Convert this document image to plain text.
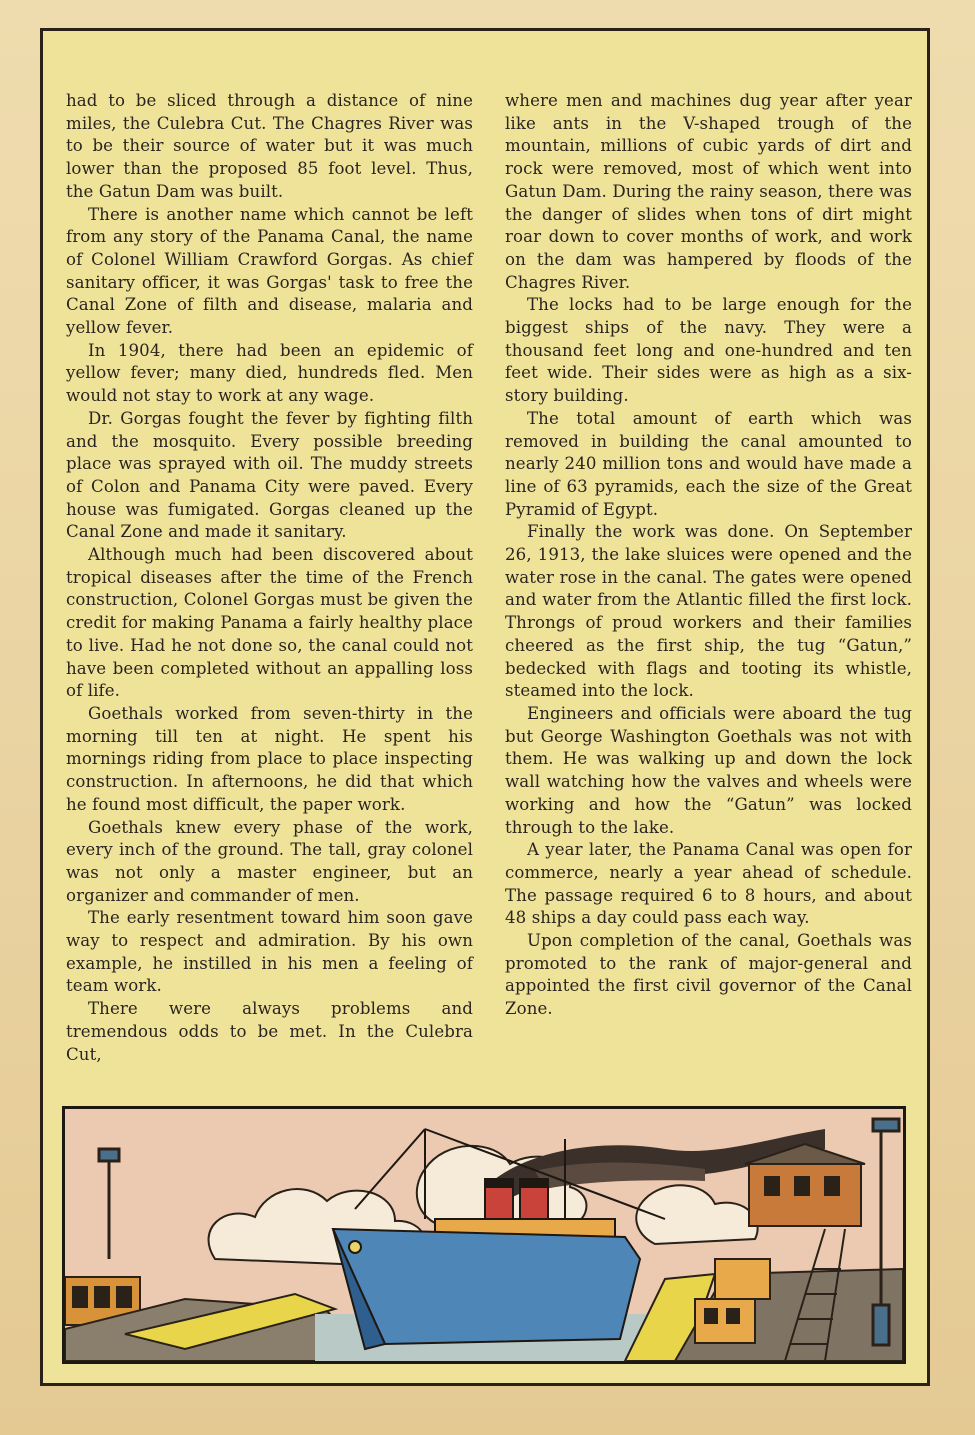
had to be sliced through a distance of nine miles, the Culebra Cut. The Chagres River was to be their source of water but it was much lower than the proposed 85 foot level. Thus, the Gatun Dam was built.

There is another name which cannot be left from any story of the Panama Canal, the name of Colonel William Crawford Gorgas. As chief sanitary officer, it was Gorgas' task to free the Canal Zone of filth and disease, malaria and yellow fever.

In 1904, there had been an epidemic of yellow fever; many died, hundreds fled. Men would not stay to work at any wage.

Dr. Gorgas fought the fever by fighting filth and the mosquito. Every possible breeding place was sprayed with oil. The muddy streets of Colon and Panama City were paved. Every house was fumigated. Gorgas cleaned up the Canal Zone and made it sanitary.

Although much had been discovered about tropical diseases after the time of the French construction, Colonel Gorgas must be given the credit for making Panama a fairly healthy place to live. Had he not done so, the canal could not have been completed without an appalling loss of life.

Goethals worked from seven-thirty in the morning till ten at night. He spent his mornings riding from place to place inspecting construction. In afternoons, he did that which he found most difficult, the paper work.

Goethals knew every phase of the work, every inch of the ground. The tall, gray colonel was not only a master engineer, but an organizer and commander of men.

The early resentment toward him soon gave way to respect and admiration. By his own example, he instilled in his men a feeling of team work.

There were always problems and tremendous odds to be met. In the Culebra Cut,

where men and machines dug year after year like ants in the V-shaped trough of the mountain, millions of cubic yards of dirt and rock were removed, most of which went into Gatun Dam. During the rainy season, there was the danger of slides when tons of dirt might roar down to cover months of work, and work on the dam was hampered by floods of the Chagres River.

The locks had to be large enough for the biggest ships of the navy. They were a thousand feet long and one-hundred and ten feet wide. Their sides were as high as a six-story building.

The total amount of earth which was removed in building the canal amounted to nearly 240 million tons and would have made a line of 63 pyramids, each the size of the Great Pyramid of Egypt.

Finally the work was done. On September 26, 1913, the lake sluices were opened and the water rose in the canal. The gates were opened and water from the Atlantic filled the first lock. Throngs of proud workers and their families cheered as the first ship, the tug “Gatun,” bedecked with flags and tooting its whistle, steamed into the lock.

Engineers and officials were aboard the tug but George Washington Goethals was not with them. He was walking up and down the lock wall watching how the valves and wheels were working and how the “Gatun” was locked through to the lake.

A year later, the Panama Canal was open for commerce, nearly a year ahead of schedule. The passage required 6 to 8 hours, and about 48 ships a day could pass each way.

Upon completion of the canal, Goethals was promoted to the rank of major-general and appointed the first civil governor of the Canal Zone.
